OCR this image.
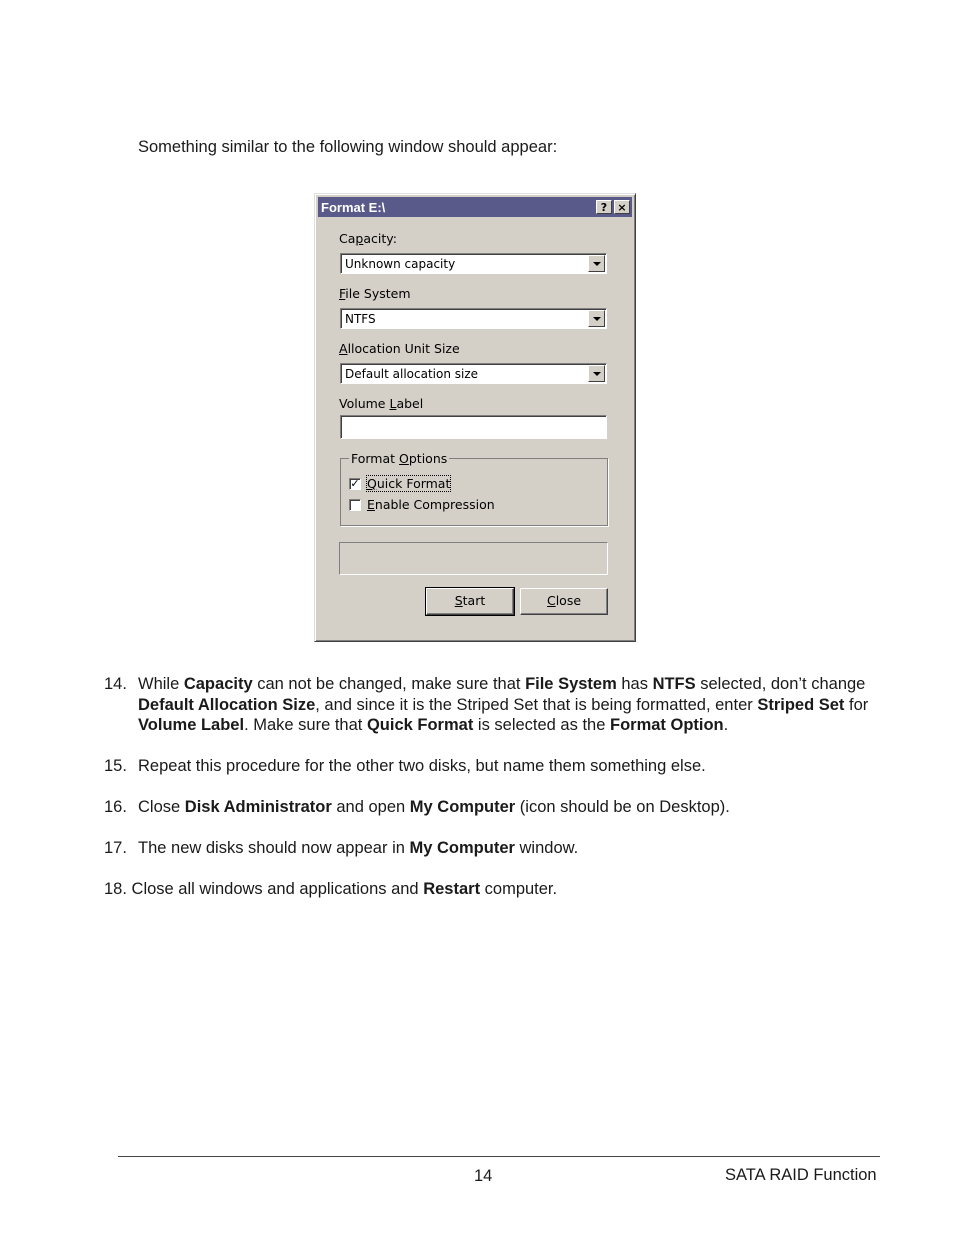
Something similar to the following window should appear:

Format E:\	? ×
Capacity:
Unknown capacity
File System
NTFS
Allocation Unit Size
Default allocation size
Volume Label
Format Options
✓ Quick Format
Enable Compression
Start	Close
14. While Capacity can not be changed, make sure that File System has NTFS selected, don’t change Default Allocation Size, and since it is the Striped Set that is being formatted, enter Striped Set for Volume Label. Make sure that Quick Format is selected as the Format Option.
15. Repeat this procedure for the other two disks, but name them something else.
16. Close Disk Administrator and open My Computer (icon should be on Desktop).
17. The new disks should now appear in My Computer window.
18. Close all windows and applications and Restart computer.
14	SATA RAID Function
